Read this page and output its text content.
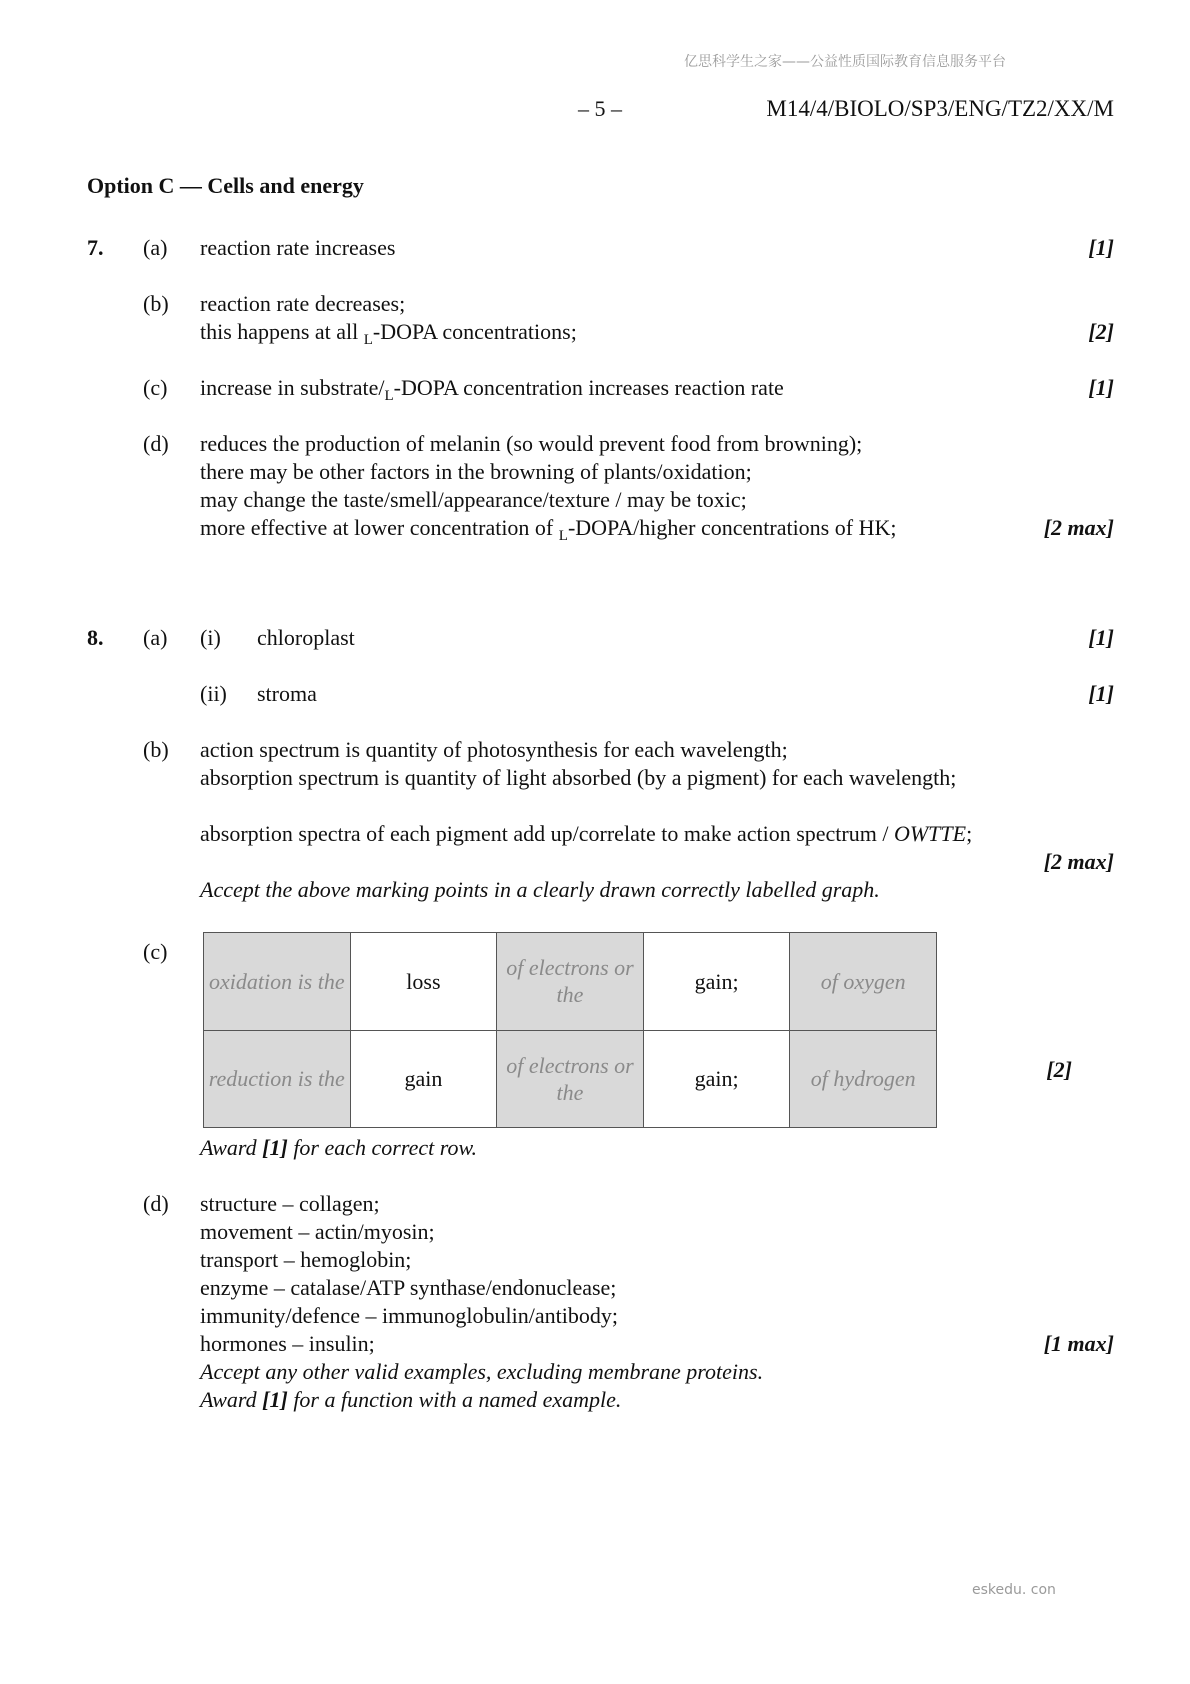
亿思科学生之家——公益性质国际教育信息服务平台
eskedu. con
– 5 –	M14/4/BIOLO/SP3/ENG/TZ2/XX/M
Option C — Cells and energy
7. (a) reaction rate increases	[1]
(b) reaction rate decreases;
this happens at all $_L$-DOPA concentrations;	[2]
(c) increase in substrate/$_L$-DOPA concentration increases reaction rate	[1]
(d) reduces the production of melanin (so would prevent food from browning);
there may be other factors in the browning of plants/oxidation;
may change the taste/smell/appearance/texture / may be toxic;
more effective at lower concentration of $_L$-DOPA/higher concentrations of HK;	[2 max]
8. (a) (i) chloroplast	[1]
(ii) stroma	[1]
(b) action spectrum is quantity of photosynthesis for each wavelength;
absorption spectrum is quantity of light absorbed (by a pigment) for each wavelength;
absorption spectra of each pigment add up/correlate to make action spectrum / OWTTE;
[2 max]
Accept the above marking points in a clearly drawn correctly labelled graph.
(c)
oxidation is the	loss	of electrons or the	gain;	of oxygen
reduction is the	gain	of electrons or the	gain;	of hydrogen	[2]
Award [1] for each correct row.
(d) structure – collagen;
movement – actin/myosin;
transport – hemoglobin;
enzyme – catalase/ATP synthase/endonuclease;
immunity/defence – immunoglobulin/antibody;
hormones – insulin;	[1 max]
Accept any other valid examples, excluding membrane proteins.
Award [1] for a function with a named example.
